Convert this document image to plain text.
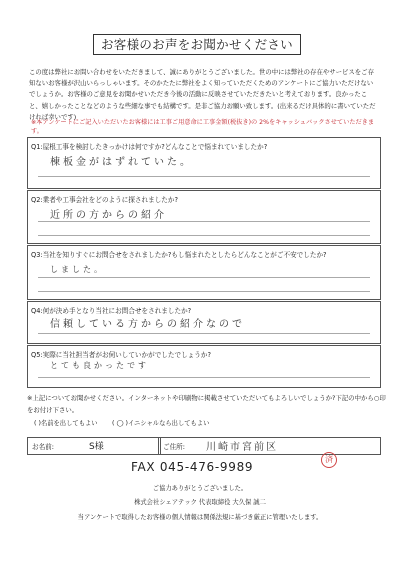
お客様のお声をお聞かせください
この度は弊社にお問い合わせをいただきまして、誠にありがとうございました。世の中には弊社の存在やサービスをご存知ないお客様が沢山いらっしゃいます。そのかたたに弊社をよく知っていただくためのアンケートにご協力いただけないでしょうか。お客様のご意見をお聞かせいただき今後の活動に反映させていただきたいと考えております。良かったこと、嬉しかったことなどのような些細な事でも結構です。是非ご協力お願い致します。(出来るだけ具体的に書いていただければ幸いです)
※本アンケートにご記入いただいたお客様には工事ご用意命に工事金額(税抜き)の 2%をキャッシュバックさせていただきます。
Q1:屋根工事を検討したきっかけは何ですか?どんなことで悩まれていましたか?
棟板金がはずれていた。
Q2:業者や工事会社をどのように探されましたか?
近所の方からの紹介
Q3:当社を知りすぐにお問合せをされましたか?もし悩まれたとしたらどんなことがご不安でしたか?
しました。
Q4:何が決め手となり当社にお問合せをされましたか?
信頼している方からの紹介なので
Q5:実際に当社担当者がお伺いしていかがでしたでしょうか?
とても良かったです
※上記についてお聞かせください。インターネットや印刷物に掲載させていただいてもよろしいでしょうか?下記の中から○印をお付け下さい。
( )名前を出してもよい ( ◯ )イニシャルなら出してもよい
お名前:	S様	ご住所: 川崎市宮前区
FAX 045-476-9989
済
ご協力ありがとうございました。
株式会社シェアテック 代表取締役 大久保 誠二
当アンケートで取得したお客様の個人情報は関係法規に基づき厳正に管理いたします。
